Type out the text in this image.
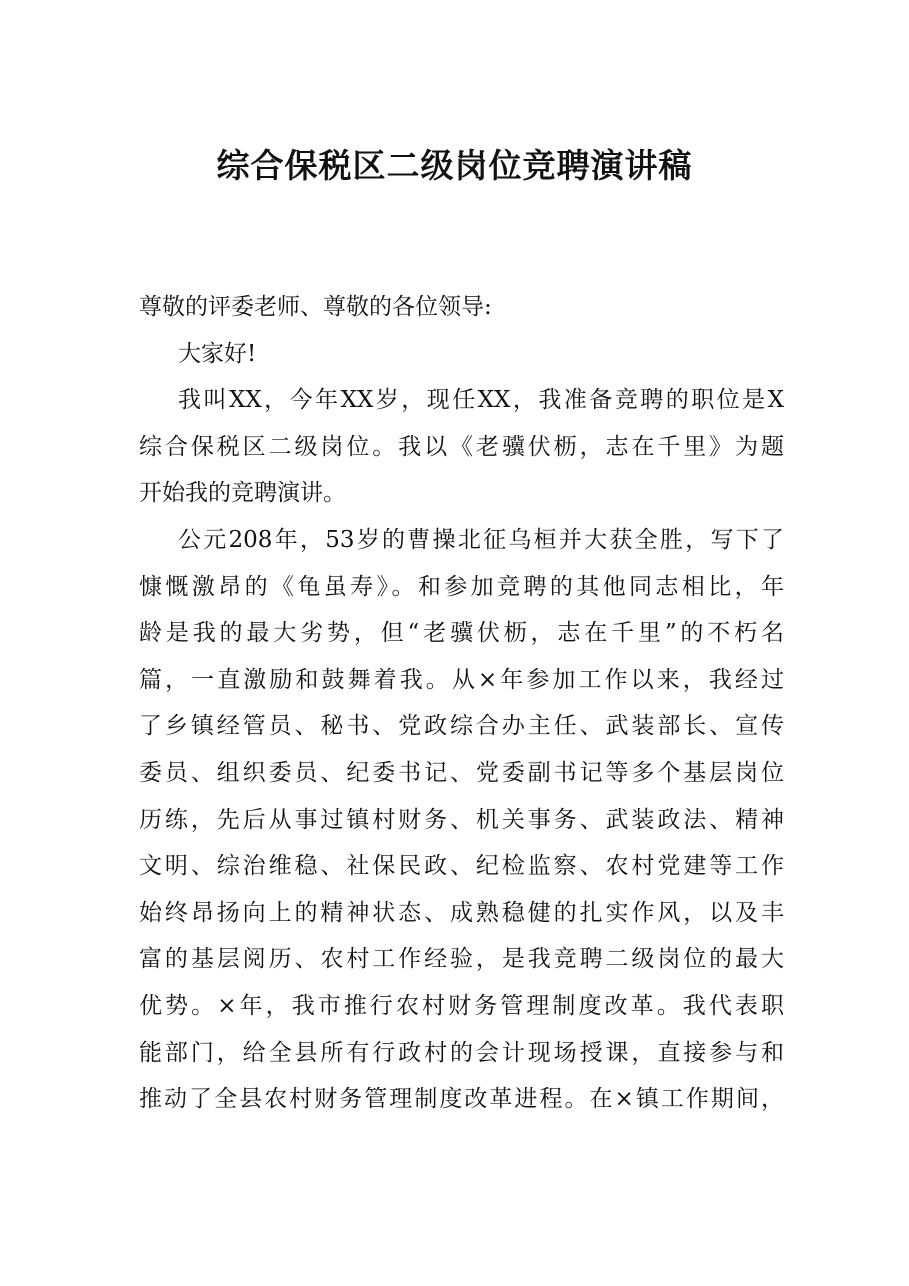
综合保税区二级岗位竞聘演讲稿
尊敬的评委老师、尊敬的各位领导:
大家好!
我叫XX，今年XX岁，现任XX，我准备竞聘的职位是X
综合保税区二级岗位。我以《老骥伏枥，志在千里》为题
开始我的竞聘演讲。
公元208年，53岁的曹操北征乌桓并大获全胜，写下了
慷慨激昂的《龟虽寿》。和参加竞聘的其他同志相比，年
龄是我的最大劣势，但“老骥伏枥，志在千里”的不朽名
篇，一直激励和鼓舞着我。从×年参加工作以来，我经过
了乡镇经管员、秘书、党政综合办主任、武装部长、宣传
委员、组织委员、纪委书记、党委副书记等多个基层岗位
历练，先后从事过镇村财务、机关事务、武装政法、精神
文明、综治维稳、社保民政、纪检监察、农村党建等工作
始终昂扬向上的精神状态、成熟稳健的扎实作风，以及丰
富的基层阅历、农村工作经验，是我竞聘二级岗位的最大
优势。×年，我市推行农村财务管理制度改革。我代表职
能部门，给全县所有行政村的会计现场授课，直接参与和
推动了全县农村财务管理制度改革进程。在×镇工作期间，
